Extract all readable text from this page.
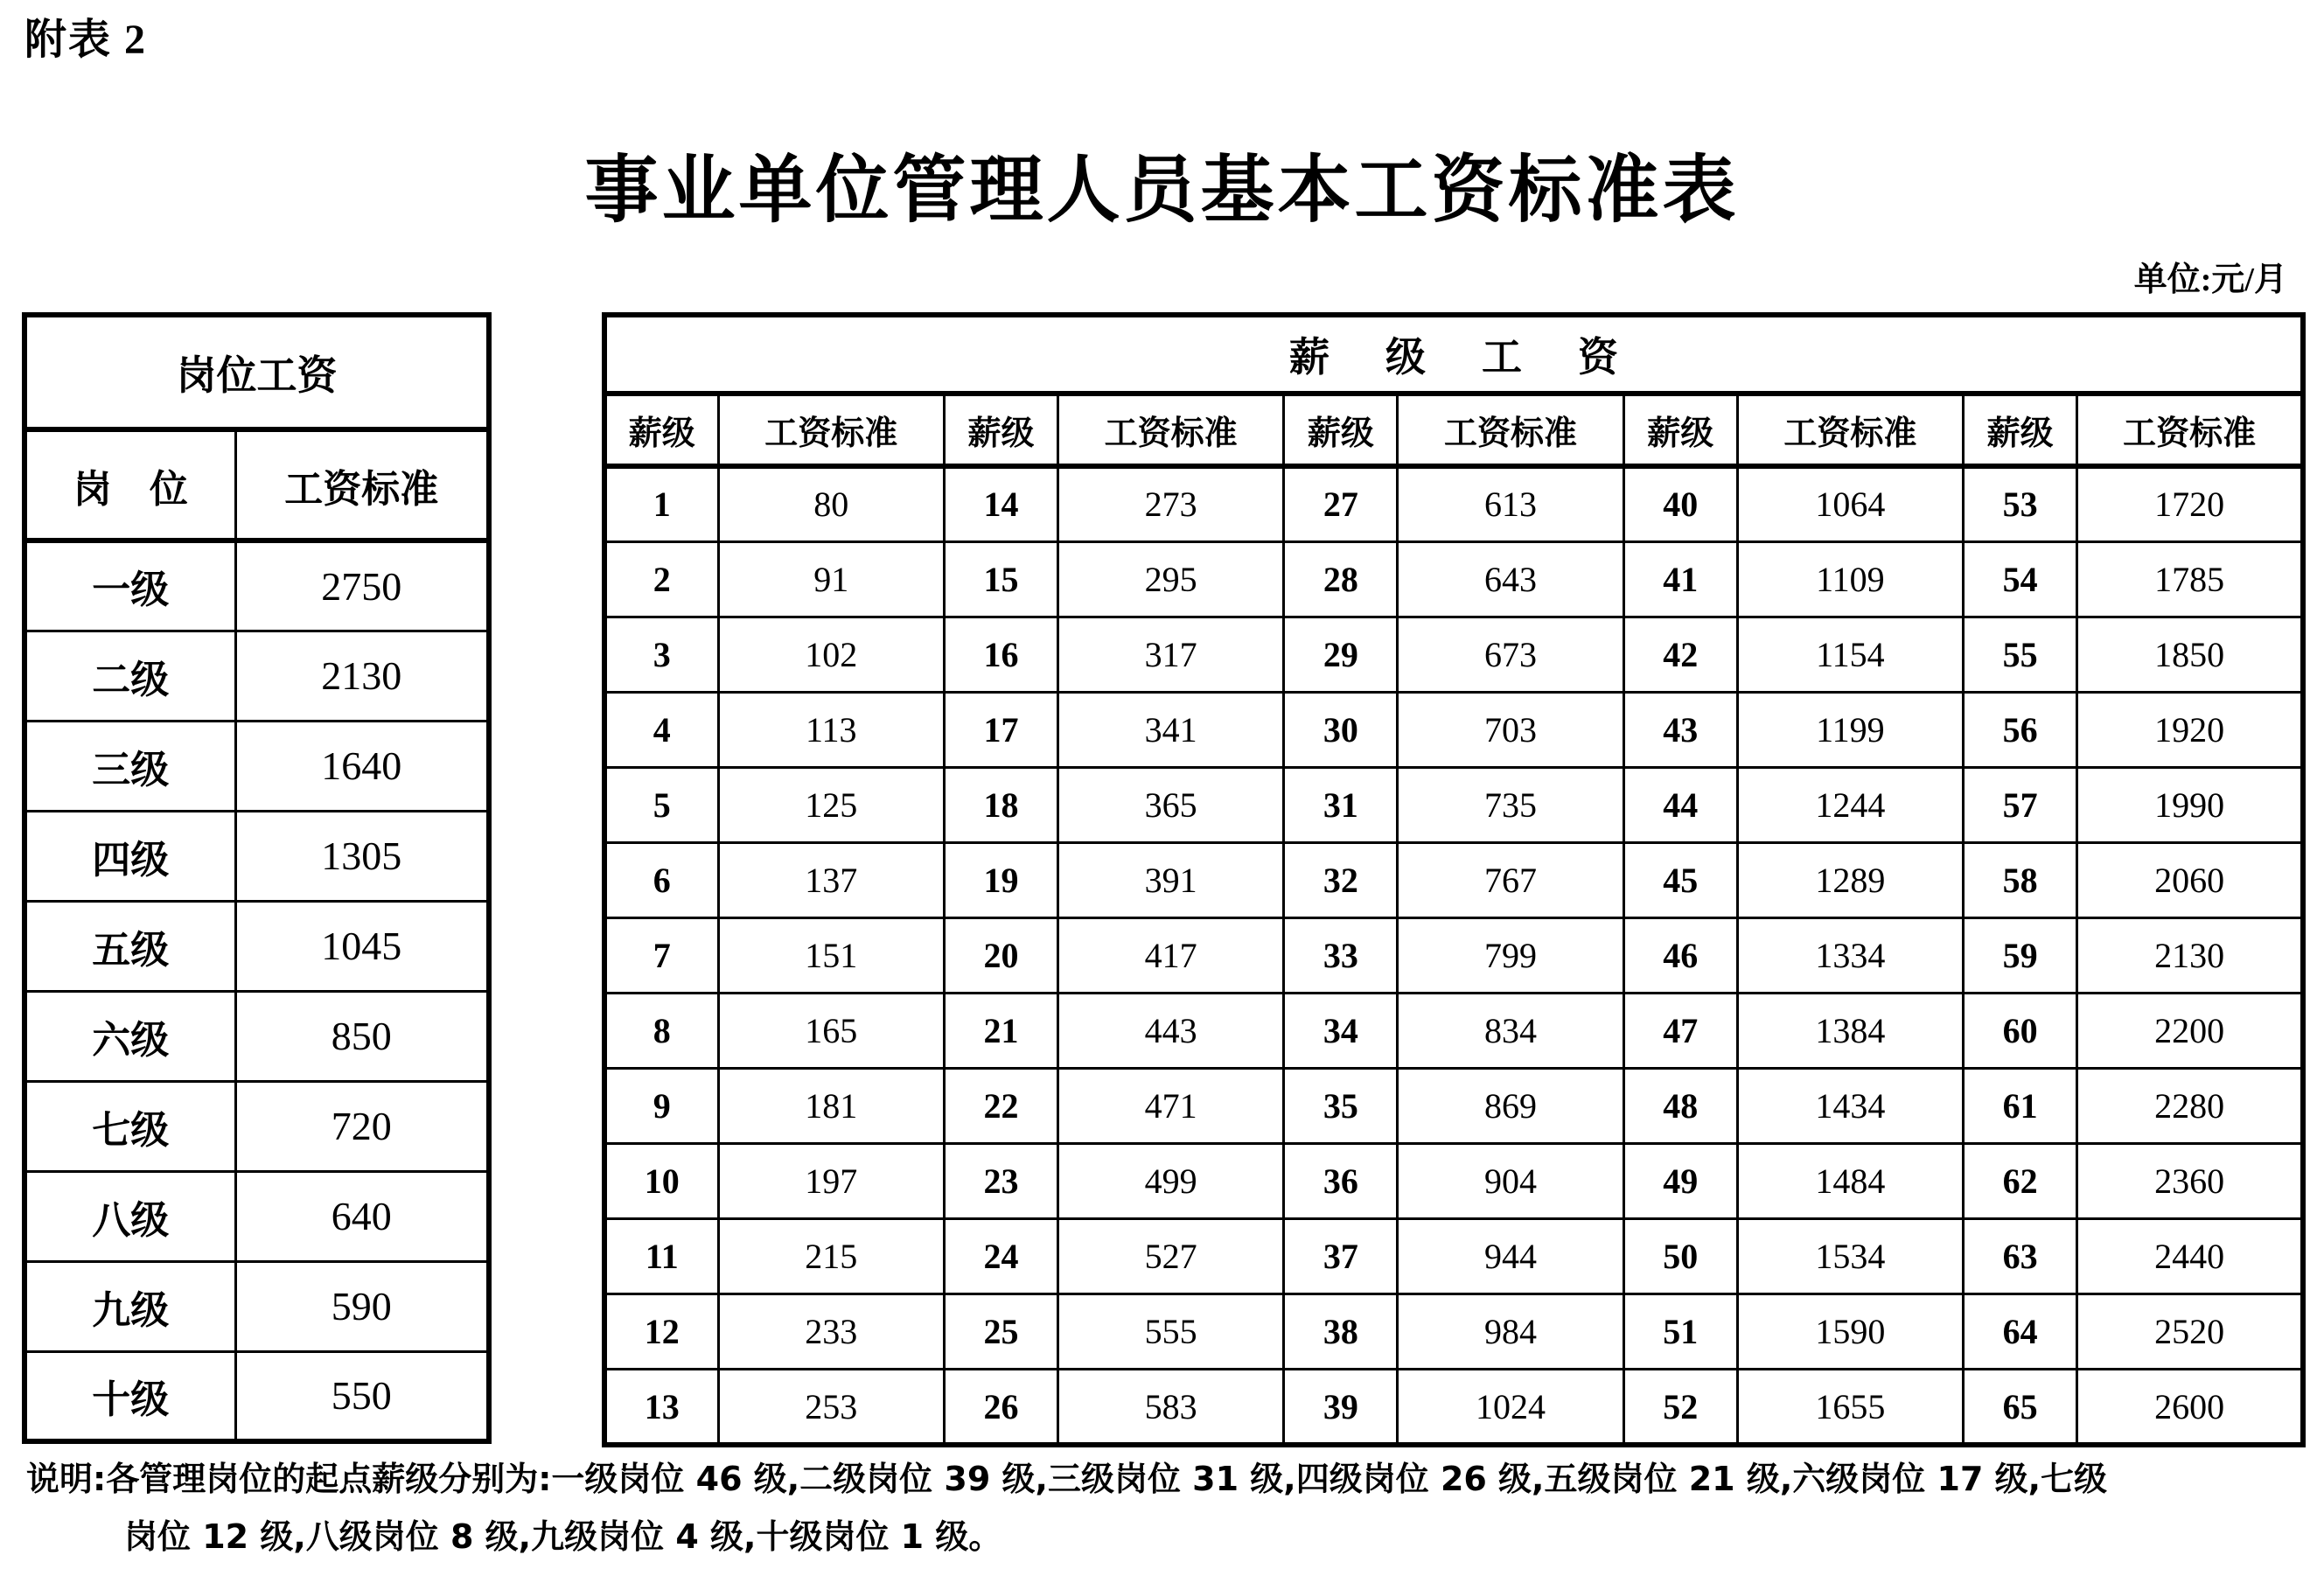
附表 2
事业单位管理人员基本工资标准表
单位:元/月
岗位工资	
岗 位	工资标准
一级	2750
二级	2130
三级	1640
四级	1305
五级	1045
六级	850
七级	720
八级	640
九级	590
十级	550
薪 级 工 资									
薪级	工资标准	薪级	工资标准	薪级	工资标准	薪级	工资标准	薪级	工资标准
1	80	14	273	27	613	40	1064	53	1720
2	91	15	295	28	643	41	1109	54	1785
3	102	16	317	29	673	42	1154	55	1850
4	113	17	341	30	703	43	1199	56	1920
5	125	18	365	31	735	44	1244	57	1990
6	137	19	391	32	767	45	1289	58	2060
7	151	20	417	33	799	46	1334	59	2130
8	165	21	443	34	834	47	1384	60	2200
9	181	22	471	35	869	48	1434	61	2280
10	197	23	499	36	904	49	1484	62	2360
11	215	24	527	37	944	50	1534	63	2440
12	233	25	555	38	984	51	1590	64	2520
13	253	26	583	39	1024	52	1655	65	2600
说明:各管理岗位的起点薪级分别为:一级岗位 46 级,二级岗位 39 级,三级岗位 31 级,四级岗位 26 级,五级岗位 21 级,六级岗位 17 级,七级
岗位 12 级,八级岗位 8 级,九级岗位 4 级,十级岗位 1 级。
